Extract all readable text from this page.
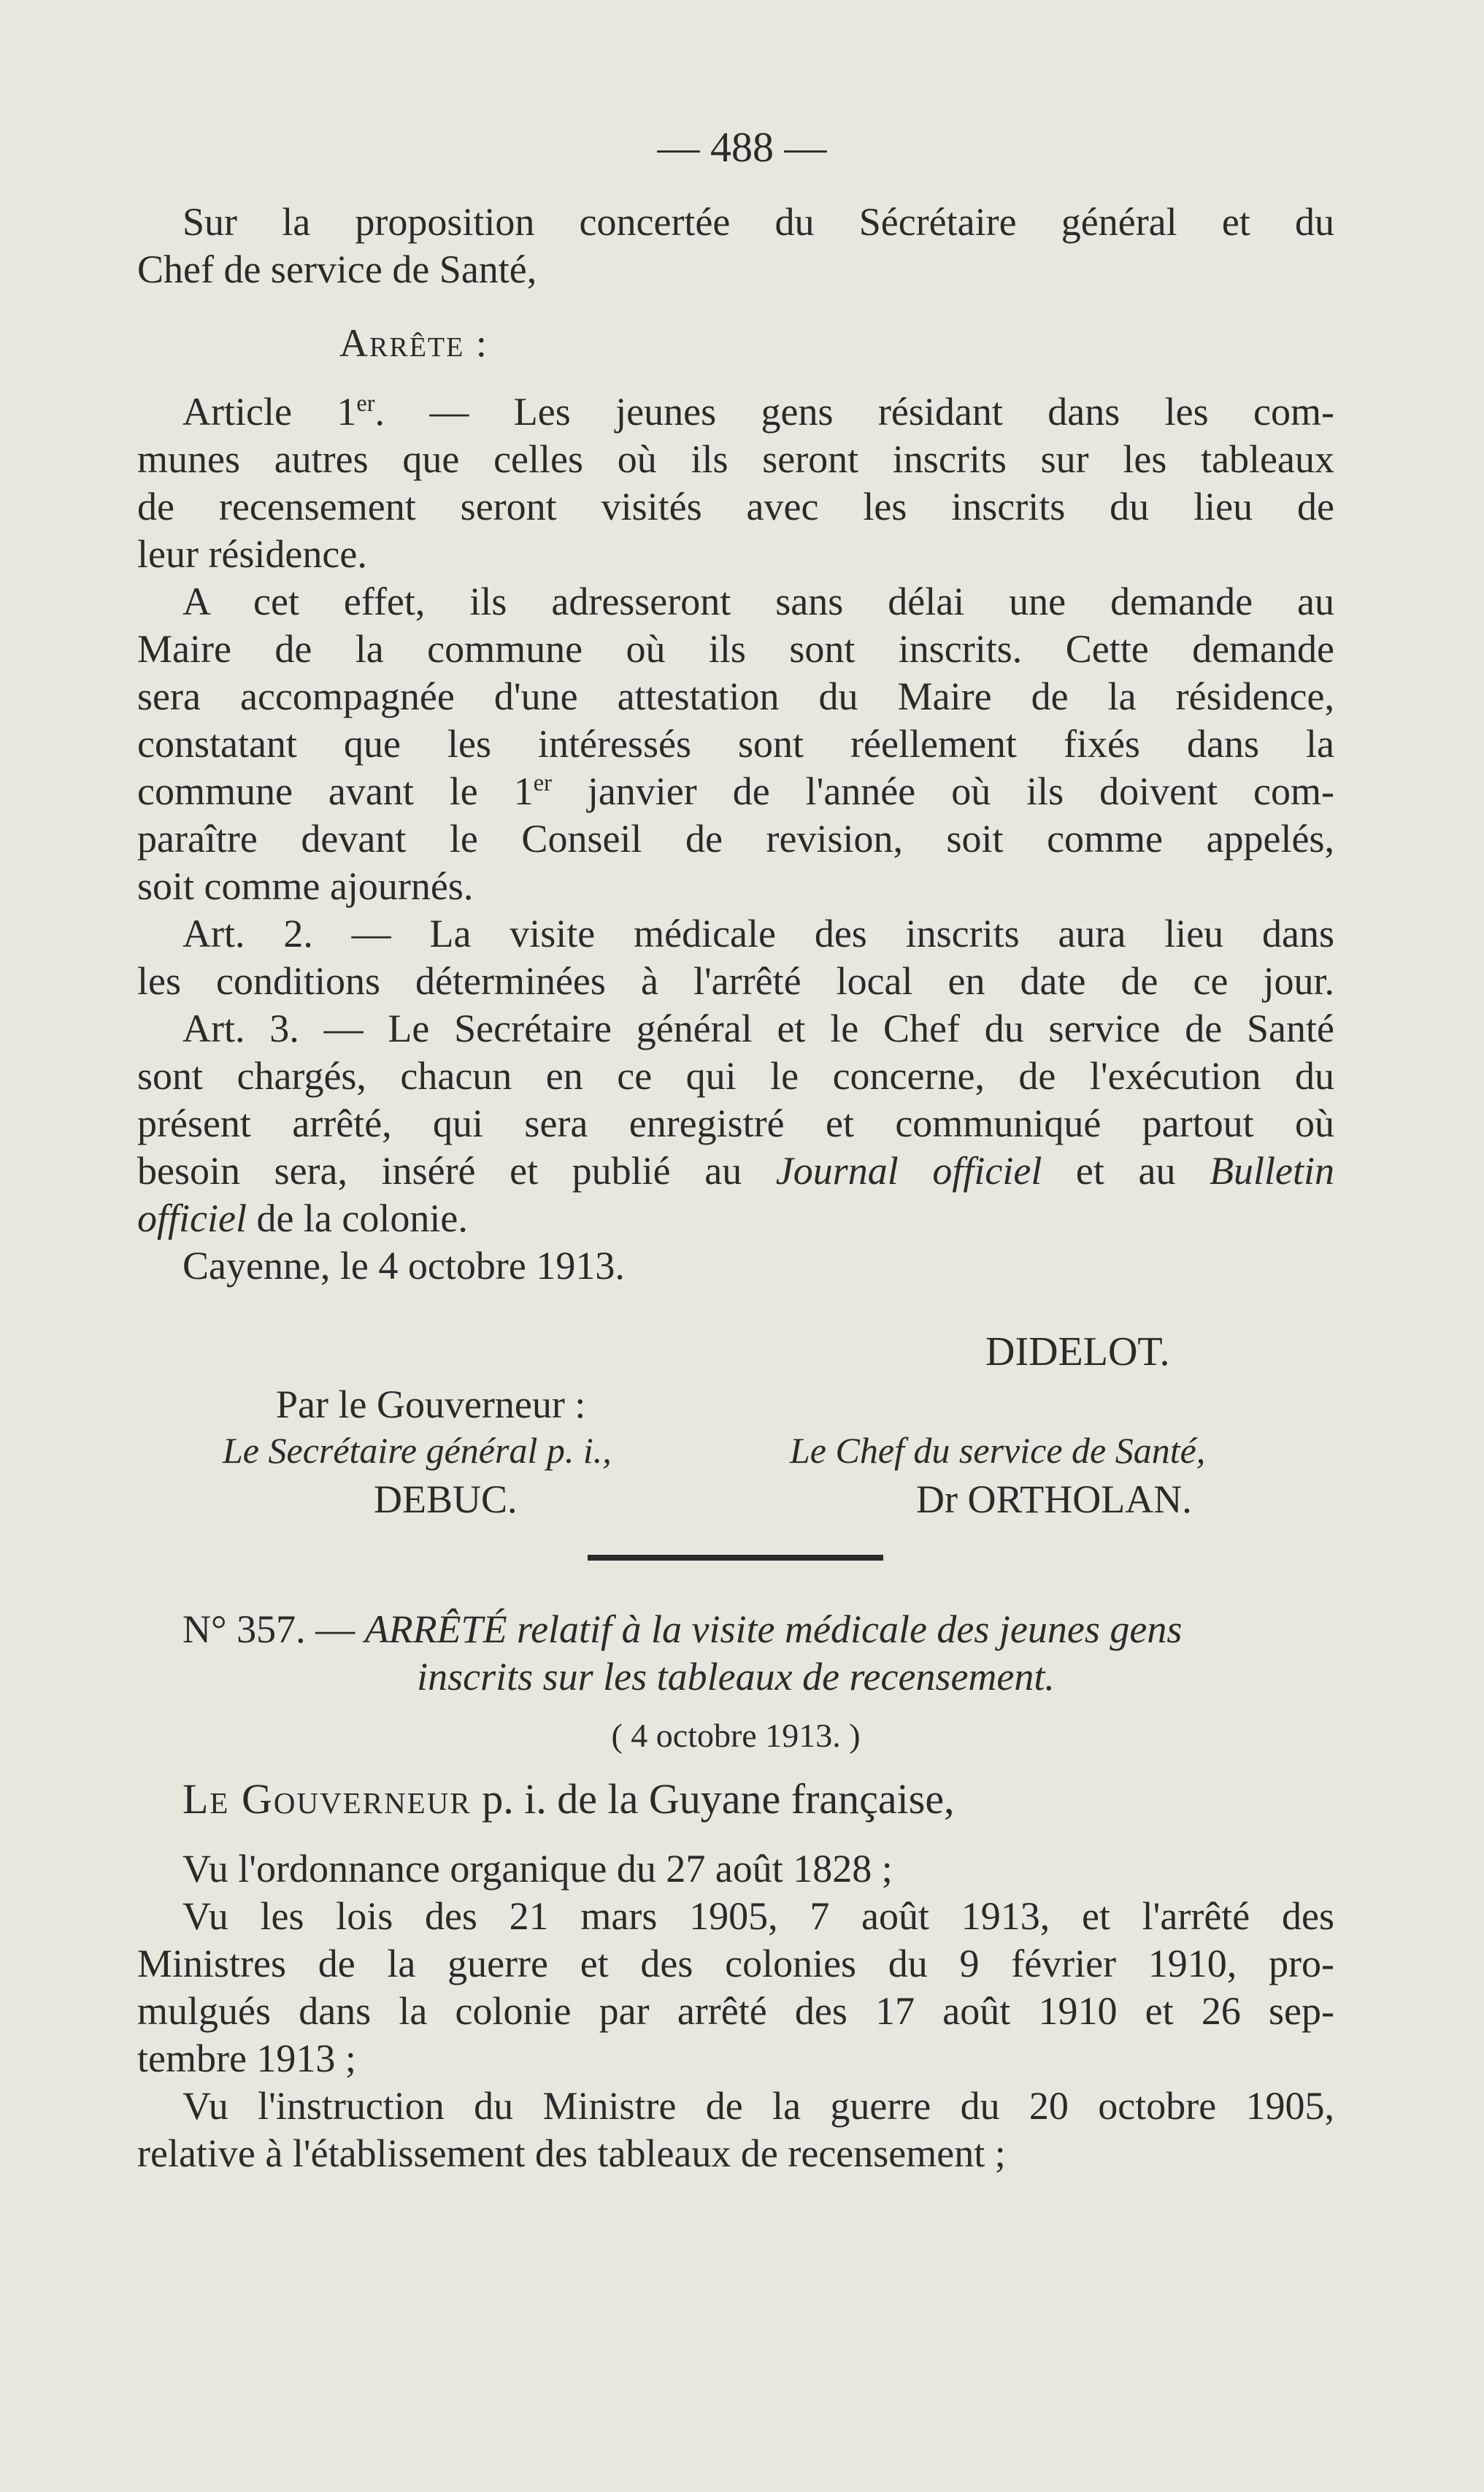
— 488 —
Sur la proposition concertée du Sécrétaire général et du
Chef de service de Santé,
Arrête :
Article 1er. — Les jeunes gens résidant dans les com-
munes autres que celles où ils seront inscrits sur les tableaux
de recensement seront visités avec les inscrits du lieu de
leur résidence.
A cet effet, ils adresseront sans délai une demande au
Maire de la commune où ils sont inscrits. Cette demande
sera accompagnée d'une attestation du Maire de la résidence,
constatant que les intéressés sont réellement fixés dans la
commune avant le 1er janvier de l'année où ils doivent com-
paraître devant le Conseil de revision, soit comme appelés,
soit comme ajournés.
Art. 2. — La visite médicale des inscrits aura lieu dans
les conditions déterminées à l'arrêté local en date de ce jour.
Art. 3. — Le Secrétaire général et le Chef du service de Santé
sont chargés, chacun en ce qui le concerne, de l'exécution du
présent arrêté, qui sera enregistré et communiqué partout où
besoin sera, inséré et publié au Journal officiel et au Bulletin
officiel de la colonie.
Cayenne, le 4 octobre 1913.
DIDELOT.
Par le Gouverneur :
Le Secrétaire général p. i.,
DEBUC.
Le Chef du service de Santé,
Dr ORTHOLAN.
N° 357. — ARRÊTÉ relatif à la visite médicale des jeunes gens
inscrits sur les tableaux de recensement.
( 4 octobre 1913. )
Le Gouverneur p. i. de la Guyane française,
Vu l'ordonnance organique du 27 août 1828 ;
Vu les lois des 21 mars 1905, 7 août 1913, et l'arrêté des
Ministres de la guerre et des colonies du 9 février 1910, pro-
mulgués dans la colonie par arrêté des 17 août 1910 et 26 sep-
tembre 1913 ;
Vu l'instruction du Ministre de la guerre du 20 octobre 1905,
relative à l'établissement des tableaux de recensement ;
